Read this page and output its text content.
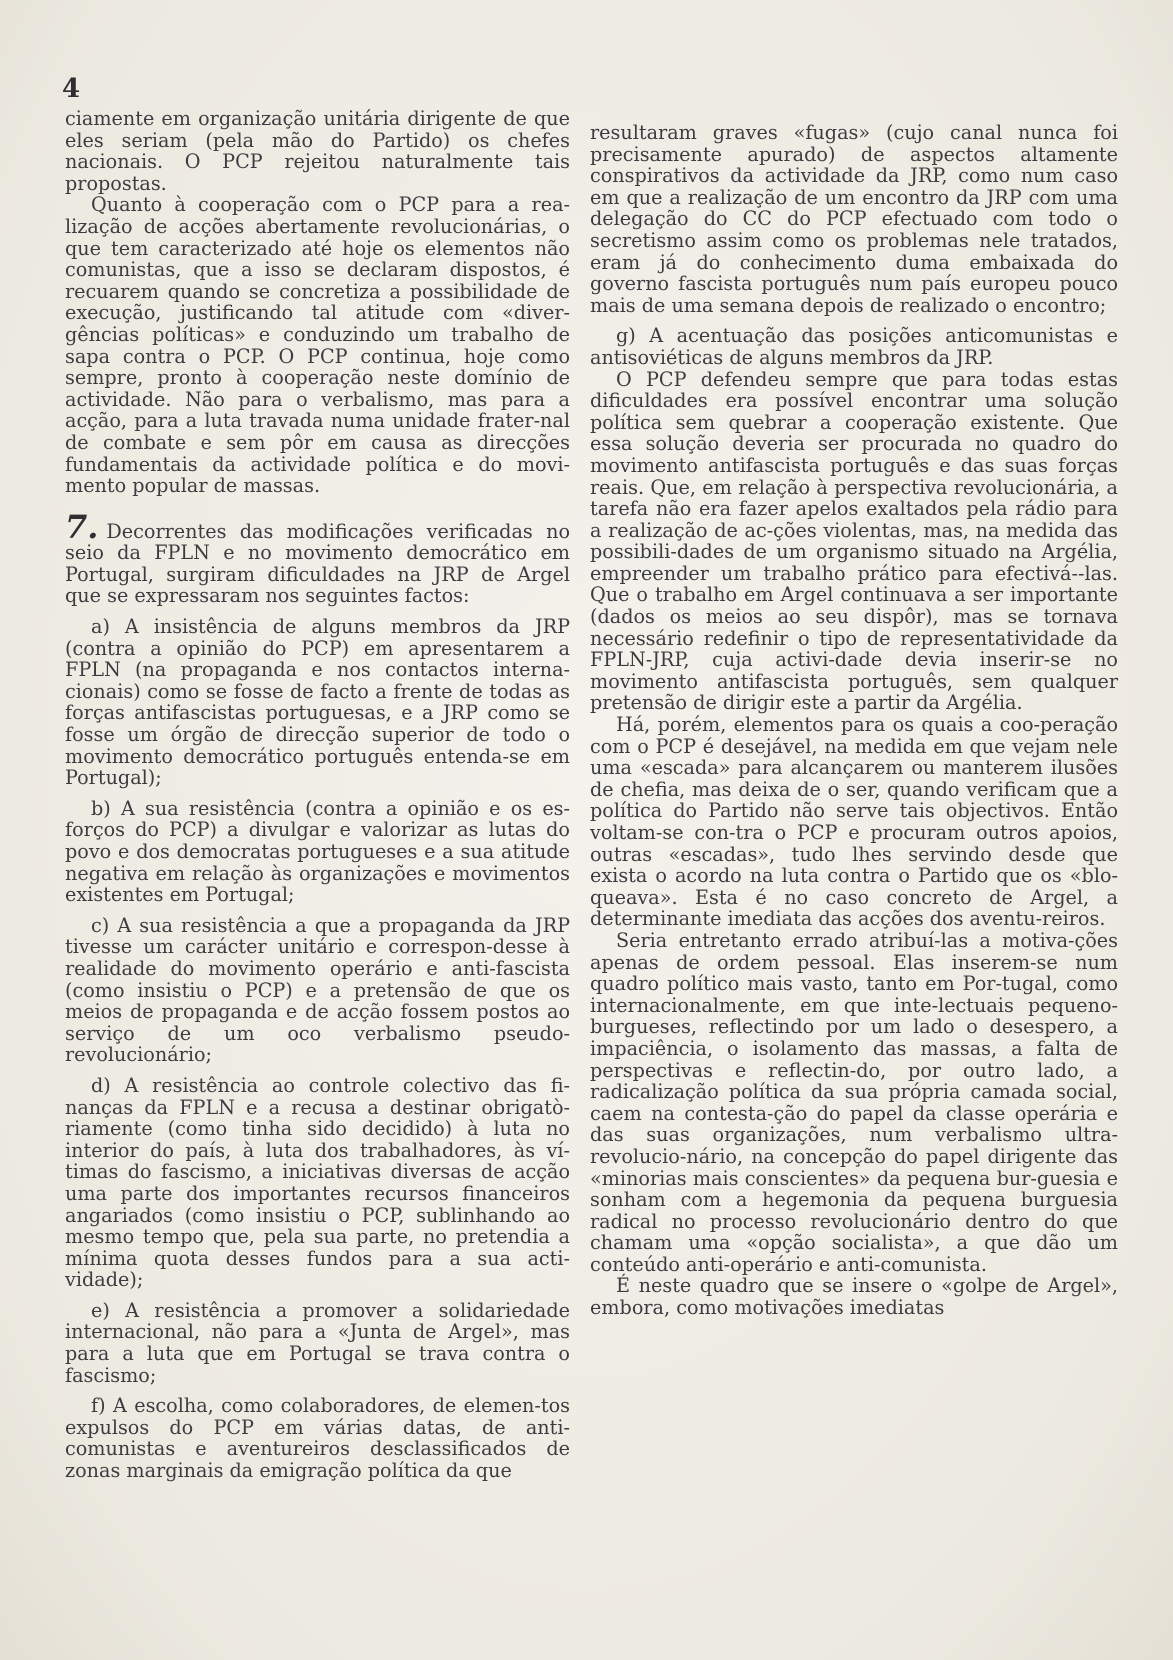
4

ciamente em organização unitária dirigente de que eles seriam (pela mão do Partido) os chefes nacionais. O PCP rejeitou naturalmente tais propostas.

Quanto à cooperação com o PCP para a rea-lização de acções abertamente revolucionárias, o que tem caracterizado até hoje os elementos não comunistas, que a isso se declaram dispostos, é recuarem quando se concretiza a possibilidade de execução, justificando tal atitude com «diver-gências políticas» e conduzindo um trabalho de sapa contra o PCP. O PCP continua, hoje como sempre, pronto à cooperação neste domínio de actividade. Não para o verbalismo, mas para a acção, para a luta travada numa unidade frater-nal de combate e sem pôr em causa as direcções fundamentais da actividade política e do movi-mento popular de massas.

7. Decorrentes das modificações verificadas no seio da FPLN e no movimento democrático em Portugal, surgiram dificuldades na JRP de Argel que se expressaram nos seguintes factos:

a) A insistência de alguns membros da JRP (contra a opinião do PCP) em apresentarem a FPLN (na propaganda e nos contactos interna-cionais) como se fosse de facto a frente de todas as forças antifascistas portuguesas, e a JRP como se fosse um órgão de direcção superior de todo o movimento democrático português entenda-se em Portugal);

b) A sua resistência (contra a opinião e os es-forços do PCP) a divulgar e valorizar as lutas do povo e dos democratas portugueses e a sua atitude negativa em relação às organizações e movimentos existentes em Portugal;

c) A sua resistência a que a propaganda da JRP tivesse um carácter unitário e correspon-desse à realidade do movimento operário e anti-fascista (como insistiu o PCP) e a pretensão de que os meios de propaganda e de acção fossem postos ao serviço de um oco verbalismo pseudo-revolucionário;

d) A resistência ao controle colectivo das fi-nanças da FPLN e a recusa a destinar obrigatò-riamente (como tinha sido decidido) à luta no interior do país, à luta dos trabalhadores, às ví-timas do fascismo, a iniciativas diversas de acção uma parte dos importantes recursos financeiros angariados (como insistiu o PCP, sublinhando ao mesmo tempo que, pela sua parte, no pretendia a mínima quota desses fundos para a sua acti-vidade);

e) A resistência a promover a solidariedade internacional, não para a «Junta de Argel», mas para a luta que em Portugal se trava contra o fascismo;

f) A escolha, como colaboradores, de elemen-tos expulsos do PCP em várias datas, de anti-comunistas e aventureiros desclassificados de zonas marginais da emigração política da que

resultaram graves «fugas» (cujo canal nunca foi precisamente apurado) de aspectos altamente conspirativos da actividade da JRP, como num caso em que a realização de um encontro da JRP com uma delegação do CC do PCP efectuado com todo o secretismo assim como os problemas nele tratados, eram já do conhecimento duma embaixada do governo fascista português num país europeu pouco mais de uma semana depois de realizado o encontro;

g) A acentuação das posições anticomunistas e antisoviéticas de alguns membros da JRP.

O PCP defendeu sempre que para todas estas dificuldades era possível encontrar uma solução política sem quebrar a cooperação existente. Que essa solução deveria ser procurada no quadro do movimento antifascista português e das suas forças reais. Que, em relação à perspectiva revolucionária, a tarefa não era fazer apelos exaltados pela rádio para a realização de ac-ções violentas, mas, na medida das possibili-dades de um organismo situado na Argélia, empreender um trabalho prático para efectivá--las. Que o trabalho em Argel continuava a ser importante (dados os meios ao seu dispôr), mas se tornava necessário redefinir o tipo de representatividade da FPLN-JRP, cuja activi-dade devia inserir-se no movimento antifascista português, sem qualquer pretensão de dirigir este a partir da Argélia.

Há, porém, elementos para os quais a coo-peração com o PCP é desejável, na medida em que vejam nele uma «escada» para alcançarem ou manterem ilusões de chefia, mas deixa de o ser, quando verificam que a política do Partido não serve tais objectivos. Então voltam-se con-tra o PCP e procuram outros apoios, outras «escadas», tudo lhes servindo desde que exista o acordo na luta contra o Partido que os «blo-queava». Esta é no caso concreto de Argel, a determinante imediata das acções dos aventu-reiros.

Seria entretanto errado atribuí-las a motiva-ções apenas de ordem pessoal. Elas inserem-se num quadro político mais vasto, tanto em Por-tugal, como internacionalmente, em que inte-lectuais pequeno-burgueses, reflectindo por um lado o desespero, a impaciência, o isolamento das massas, a falta de perspectivas e reflectin-do, por outro lado, a radicalização política da sua própria camada social, caem na contesta-ção do papel da classe operária e das suas organizações, num verbalismo ultra-revolucio-nário, na concepção do papel dirigente das «minorias mais conscientes» da pequena bur-guesia e sonham com a hegemonia da pequena burguesia radical no processo revolucionário dentro do que chamam uma «opção socialista», a que dão um conteúdo anti-operário e anti-comunista.

É neste quadro que se insere o «golpe de Argel», embora, como motivações imediatas
